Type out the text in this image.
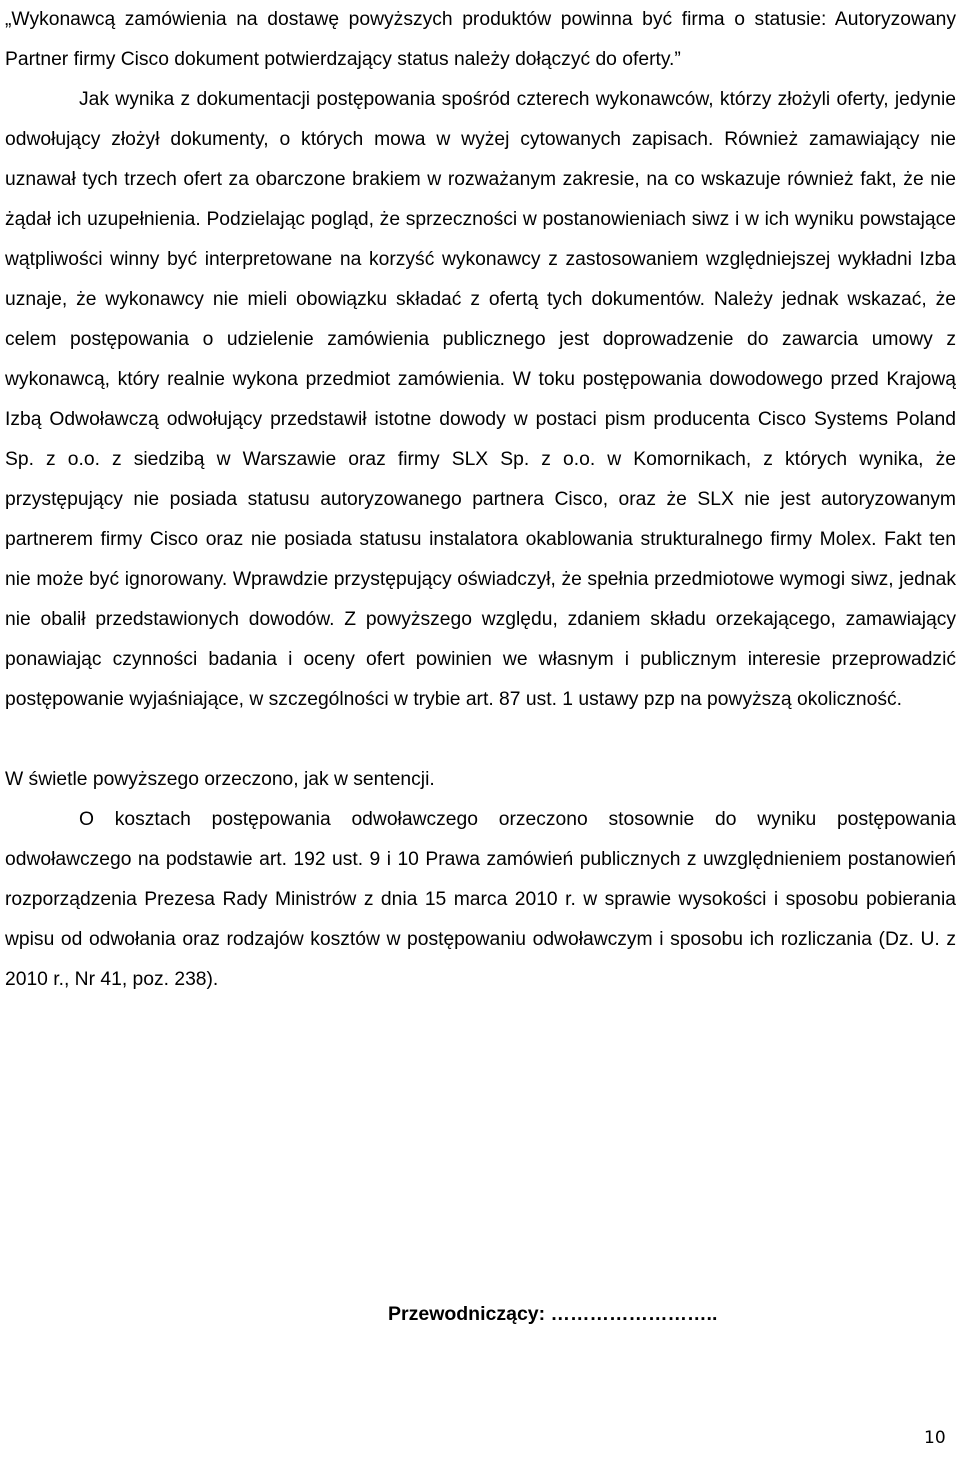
„Wykonawcą zamówienia na dostawę powyższych produktów powinna być firma o statusie: Autoryzowany Partner firmy Cisco dokument potwierdzający status należy dołączyć do oferty.”

Jak wynika z dokumentacji postępowania spośród czterech wykonawców, którzy złożyli oferty, jedynie odwołujący złożył dokumenty, o których mowa w wyżej cytowanych zapisach. Również zamawiający nie uznawał tych trzech ofert za obarczone brakiem w rozważanym zakresie, na co wskazuje również fakt, że nie żądał ich uzupełnienia. Podzielając pogląd, że sprzeczności w postanowieniach siwz i w ich wyniku powstające wątpliwości winny być interpretowane na korzyść wykonawcy z zastosowaniem względniejszej wykładni Izba uznaje, że wykonawcy nie mieli obowiązku składać z ofertą tych dokumentów. Należy jednak wskazać, że celem postępowania o udzielenie zamówienia publicznego jest doprowadzenie do zawarcia umowy z wykonawcą, który realnie wykona przedmiot zamówienia. W toku postępowania dowodowego przed Krajową Izbą Odwoławczą odwołujący przedstawił istotne dowody w postaci pism producenta Cisco Systems Poland Sp. z o.o. z siedzibą w Warszawie oraz firmy SLX Sp. z o.o. w Komornikach, z których wynika, że przystępujący nie posiada statusu autoryzowanego partnera Cisco, oraz że SLX nie jest autoryzowanym partnerem firmy Cisco oraz nie posiada statusu instalatora okablowania strukturalnego firmy Molex. Fakt ten nie może być ignorowany. Wprawdzie przystępujący oświadczył, że spełnia przedmiotowe wymogi siwz, jednak nie obalił przedstawionych dowodów. Z powyższego względu, zdaniem składu orzekającego, zamawiający ponawiając czynności badania i oceny ofert powinien we własnym i publicznym interesie przeprowadzić postępowanie wyjaśniające, w szczególności w trybie art. 87 ust. 1 ustawy pzp na powyższą okoliczność.

W świetle powyższego orzeczono, jak w sentencji.

O kosztach postępowania odwoławczego orzeczono stosownie do wyniku postępowania odwoławczego na podstawie art. 192 ust. 9 i 10 Prawa zamówień publicznych z uwzględnieniem postanowień rozporządzenia Prezesa Rady Ministrów z dnia 15 marca 2010 r. w sprawie wysokości i sposobu pobierania wpisu od odwołania oraz rodzajów kosztów w postępowaniu odwoławczym i sposobu ich rozliczania (Dz. U. z 2010 r., Nr 41, poz. 238).

Przewodniczący: ……………………..
10
